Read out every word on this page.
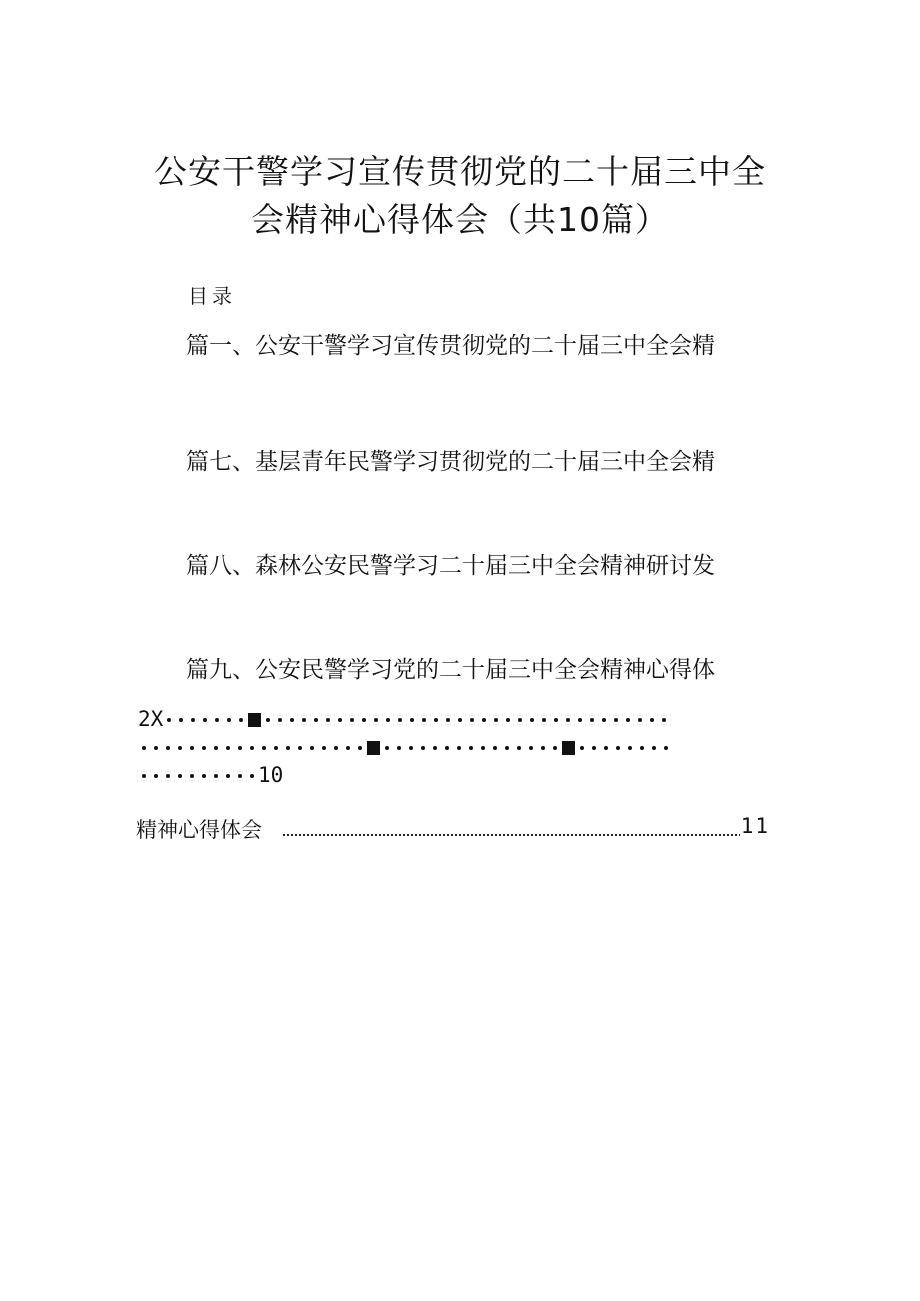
公安干警学习宣传贯彻党的二十届三中全
会精神心得体会（共10篇）
目录
篇一、公安干警学习宣传贯彻党的二十届三中全会精
篇七、基层青年民警学习贯彻党的二十届三中全会精
篇八、森林公安民警学习二十届三中全会精神研讨发
篇九、公安民警学习党的二十届三中全会精神心得体
2X
10
精神心得体会	11
